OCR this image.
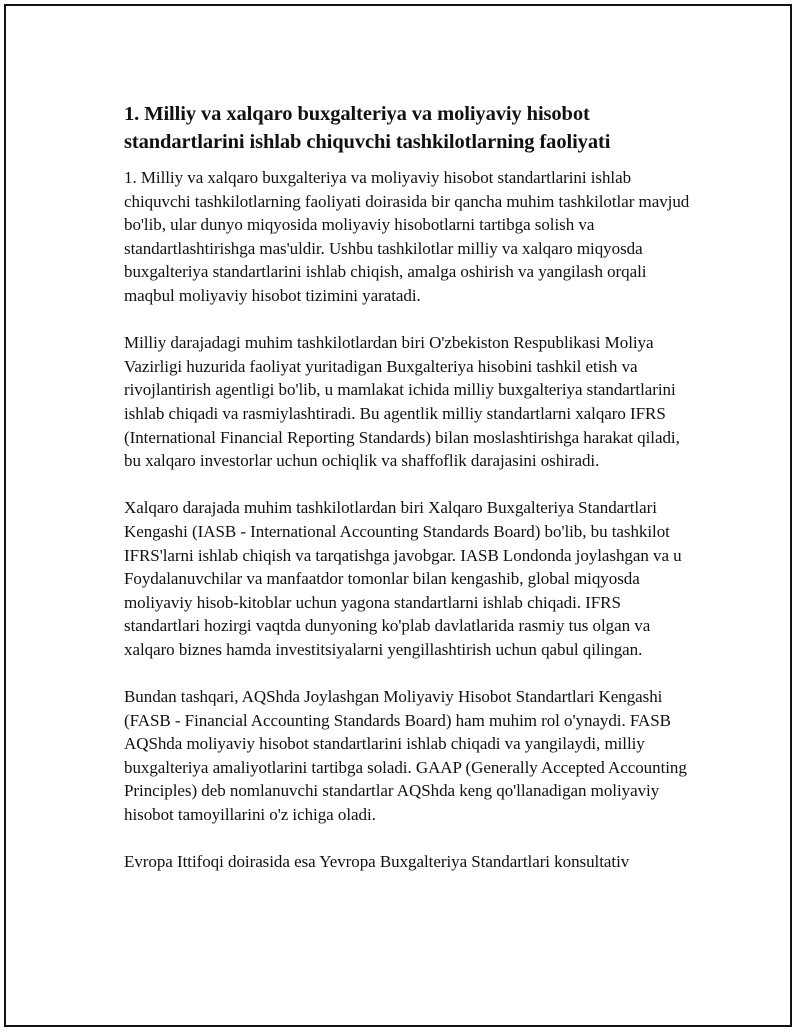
1. Milliy va xalqaro buxgalteriya va moliyaviy hisobot standartlarini ishlab chiquvchi tashkilotlarning faoliyati

1. Milliy va xalqaro buxgalteriya va moliyaviy hisobot standartlarini ishlab chiquvchi tashkilotlarning faoliyati doirasida bir qancha muhim tashkilotlar mavjud bo'lib, ular dunyo miqyosida moliyaviy hisobotlarni tartibga solish va standartlashtirishga mas'uldir. Ushbu tashkilotlar milliy va xalqaro miqyosda buxgalteriya standartlarini ishlab chiqish, amalga oshirish va yangilash orqali maqbul moliyaviy hisobot tizimini yaratadi.

Milliy darajadagi muhim tashkilotlardan biri O'zbekiston Respublikasi Moliya Vazirligi huzurida faoliyat yuritadigan Buxgalteriya hisobini tashkil etish va rivojlantirish agentligi bo'lib, u mamlakat ichida milliy buxgalteriya standartlarini ishlab chiqadi va rasmiylashtiradi. Bu agentlik milliy standartlarni xalqaro IFRS (International Financial Reporting Standards) bilan moslashtirishga harakat qiladi, bu xalqaro investorlar uchun ochiqlik va shaffoflik darajasini oshiradi.

Xalqaro darajada muhim tashkilotlardan biri Xalqaro Buxgalteriya Standartlari Kengashi (IASB - International Accounting Standards Board) bo'lib, bu tashkilot IFRS'larni ishlab chiqish va tarqatishga javobgar. IASB Londonda joylashgan va u Foydalanuvchilar va manfaatdor tomonlar bilan kengashib, global miqyosda moliyaviy hisob-kitoblar uchun yagona standartlarni ishlab chiqadi. IFRS standartlari hozirgi vaqtda dunyoning ko'plab davlatlarida rasmiy tus olgan va xalqaro biznes hamda investitsiyalarni yengillashtirish uchun qabul qilingan.

Bundan tashqari, AQShda Joylashgan Moliyaviy Hisobot Standartlari Kengashi (FASB - Financial Accounting Standards Board) ham muhim rol o'ynaydi. FASB AQShda moliyaviy hisobot standartlarini ishlab chiqadi va yangilaydi, milliy buxgalteriya amaliyotlarini tartibga soladi. GAAP (Generally Accepted Accounting Principles) deb nomlanuvchi standartlar AQShda keng qo'llanadigan moliyaviy hisobot tamoyillarini o'z ichiga oladi.

Evropa Ittifoqi doirasida esa Yevropa Buxgalteriya Standartlari konsultativ
